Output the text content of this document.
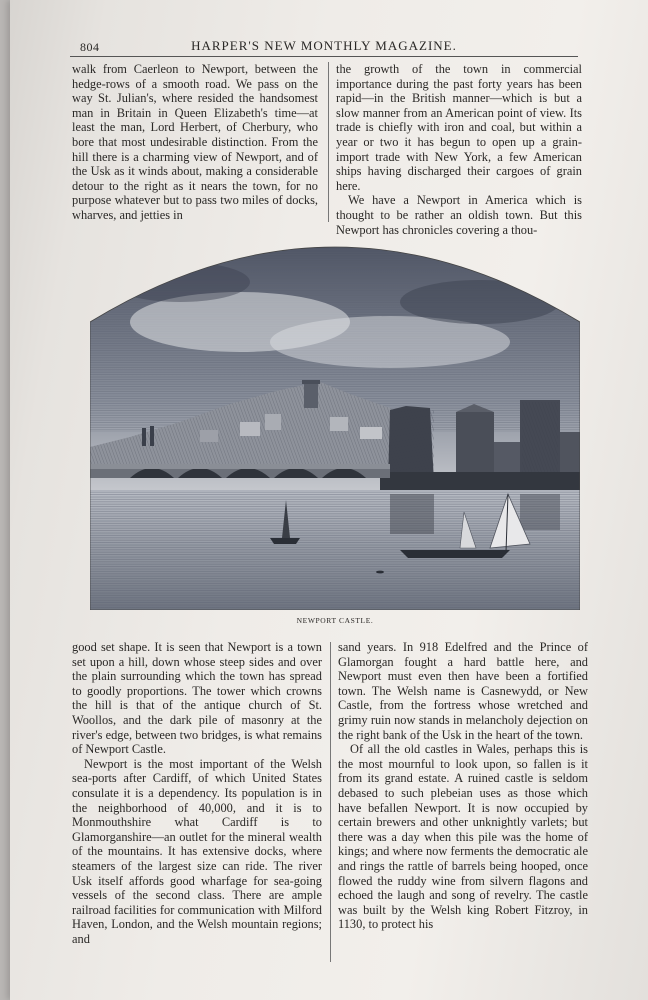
804	HARPER'S NEW MONTHLY MAGAZINE.

walk from Caerleon to Newport, between the hedge-rows of a smooth road. We pass on the way St. Julian's, where resided the handsomest man in Britain in Queen Elizabeth's time—at least the man, Lord Herbert, of Cherbury, who bore that most undesirable distinction. From the hill there is a charming view of Newport, and of the Usk as it winds about, making a considerable detour to the right as it nears the town, for no purpose whatever but to pass two miles of docks, wharves, and jetties in

the growth of the town in commercial importance during the past forty years has been rapid—in the British manner—which is but a slow manner from an American point of view. Its trade is chiefly with iron and coal, but within a year or two it has begun to open up a grain-import trade with New York, a few American ships having discharged their cargoes of grain here.

We have a Newport in America which is thought to be rather an oldish town. But this Newport has chronicles covering a thou-

NEWPORT CASTLE.

good set shape. It is seen that Newport is a town set upon a hill, down whose steep sides and over the plain surrounding which the town has spread to goodly proportions. The tower which crowns the hill is that of the antique church of St. Woollos, and the dark pile of masonry at the river's edge, between two bridges, is what remains of Newport Castle.

Newport is the most important of the Welsh sea-ports after Cardiff, of which United States consulate it is a dependency. Its population is in the neighborhood of 40,000, and it is to Monmouthshire what Cardiff is to Glamorganshire—an outlet for the mineral wealth of the mountains. It has extensive docks, where steamers of the largest size can ride. The river Usk itself affords good wharfage for sea-going vessels of the second class. There are ample railroad facilities for communication with Milford Haven, London, and the Welsh mountain regions; and

sand years. In 918 Edelfred and the Prince of Glamorgan fought a hard battle here, and Newport must even then have been a fortified town. The Welsh name is Casnewydd, or New Castle, from the fortress whose wretched and grimy ruin now stands in melancholy dejection on the right bank of the Usk in the heart of the town.

Of all the old castles in Wales, perhaps this is the most mournful to look upon, so fallen is it from its grand estate. A ruined castle is seldom debased to such plebeian uses as those which have befallen Newport. It is now occupied by certain brewers and other unknightly varlets; but there was a day when this pile was the home of kings; and where now ferments the democratic ale and rings the rattle of barrels being hooped, once flowed the ruddy wine from silvern flagons and echoed the laugh and song of revelry. The castle was built by the Welsh king Robert Fitzroy, in 1130, to protect his
